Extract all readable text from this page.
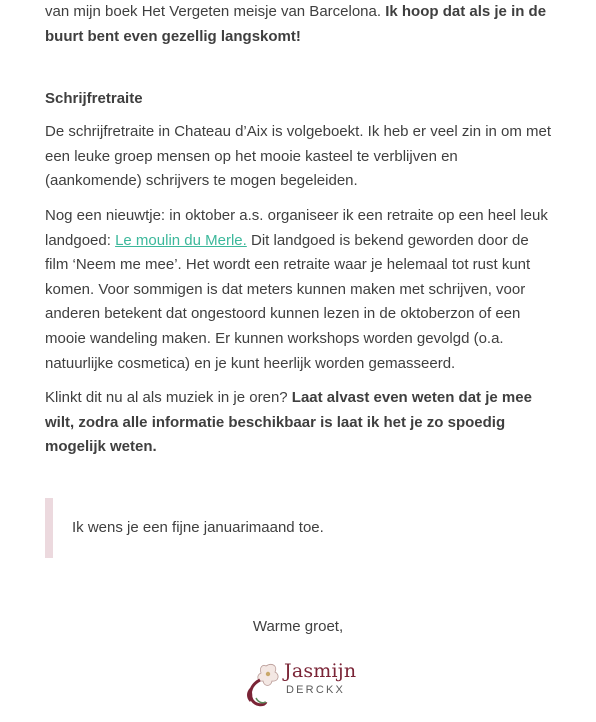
van mijn boek Het Vergeten meisje van Barcelona. Ik hoop dat als je in de buurt bent even gezellig langskomt!

Schrijfretraite

De schrijfretraite in Chateau d’Aix is volgeboekt. Ik heb er veel zin in om met een leuke groep mensen op het mooie kasteel te verblijven en (aankomende) schrijvers te mogen begeleiden.

Nog een nieuwtje: in oktober a.s. organiseer ik een retraite op een heel leuk landgoed: Le moulin du Merle. Dit landgoed is bekend geworden door de film ‘Neem me mee’. Het wordt een retraite waar je helemaal tot rust kunt komen. Voor sommigen is dat meters kunnen maken met schrijven, voor anderen betekent dat ongestoord kunnen lezen in de oktoberzon of een mooie wandeling maken. Er kunnen workshops worden gevolgd (o.a. natuurlijke cosmetica) en je kunt heerlijk worden gemasseerd.

Klinkt dit nu al als muziek in je oren? Laat alvast even weten dat je mee wilt, zodra alle informatie beschikbaar is laat ik het je zo spoedig mogelijk weten.

Ik wens je een fijne januarimaand toe.

Warme groet,

Jasmijn
DERCKX
